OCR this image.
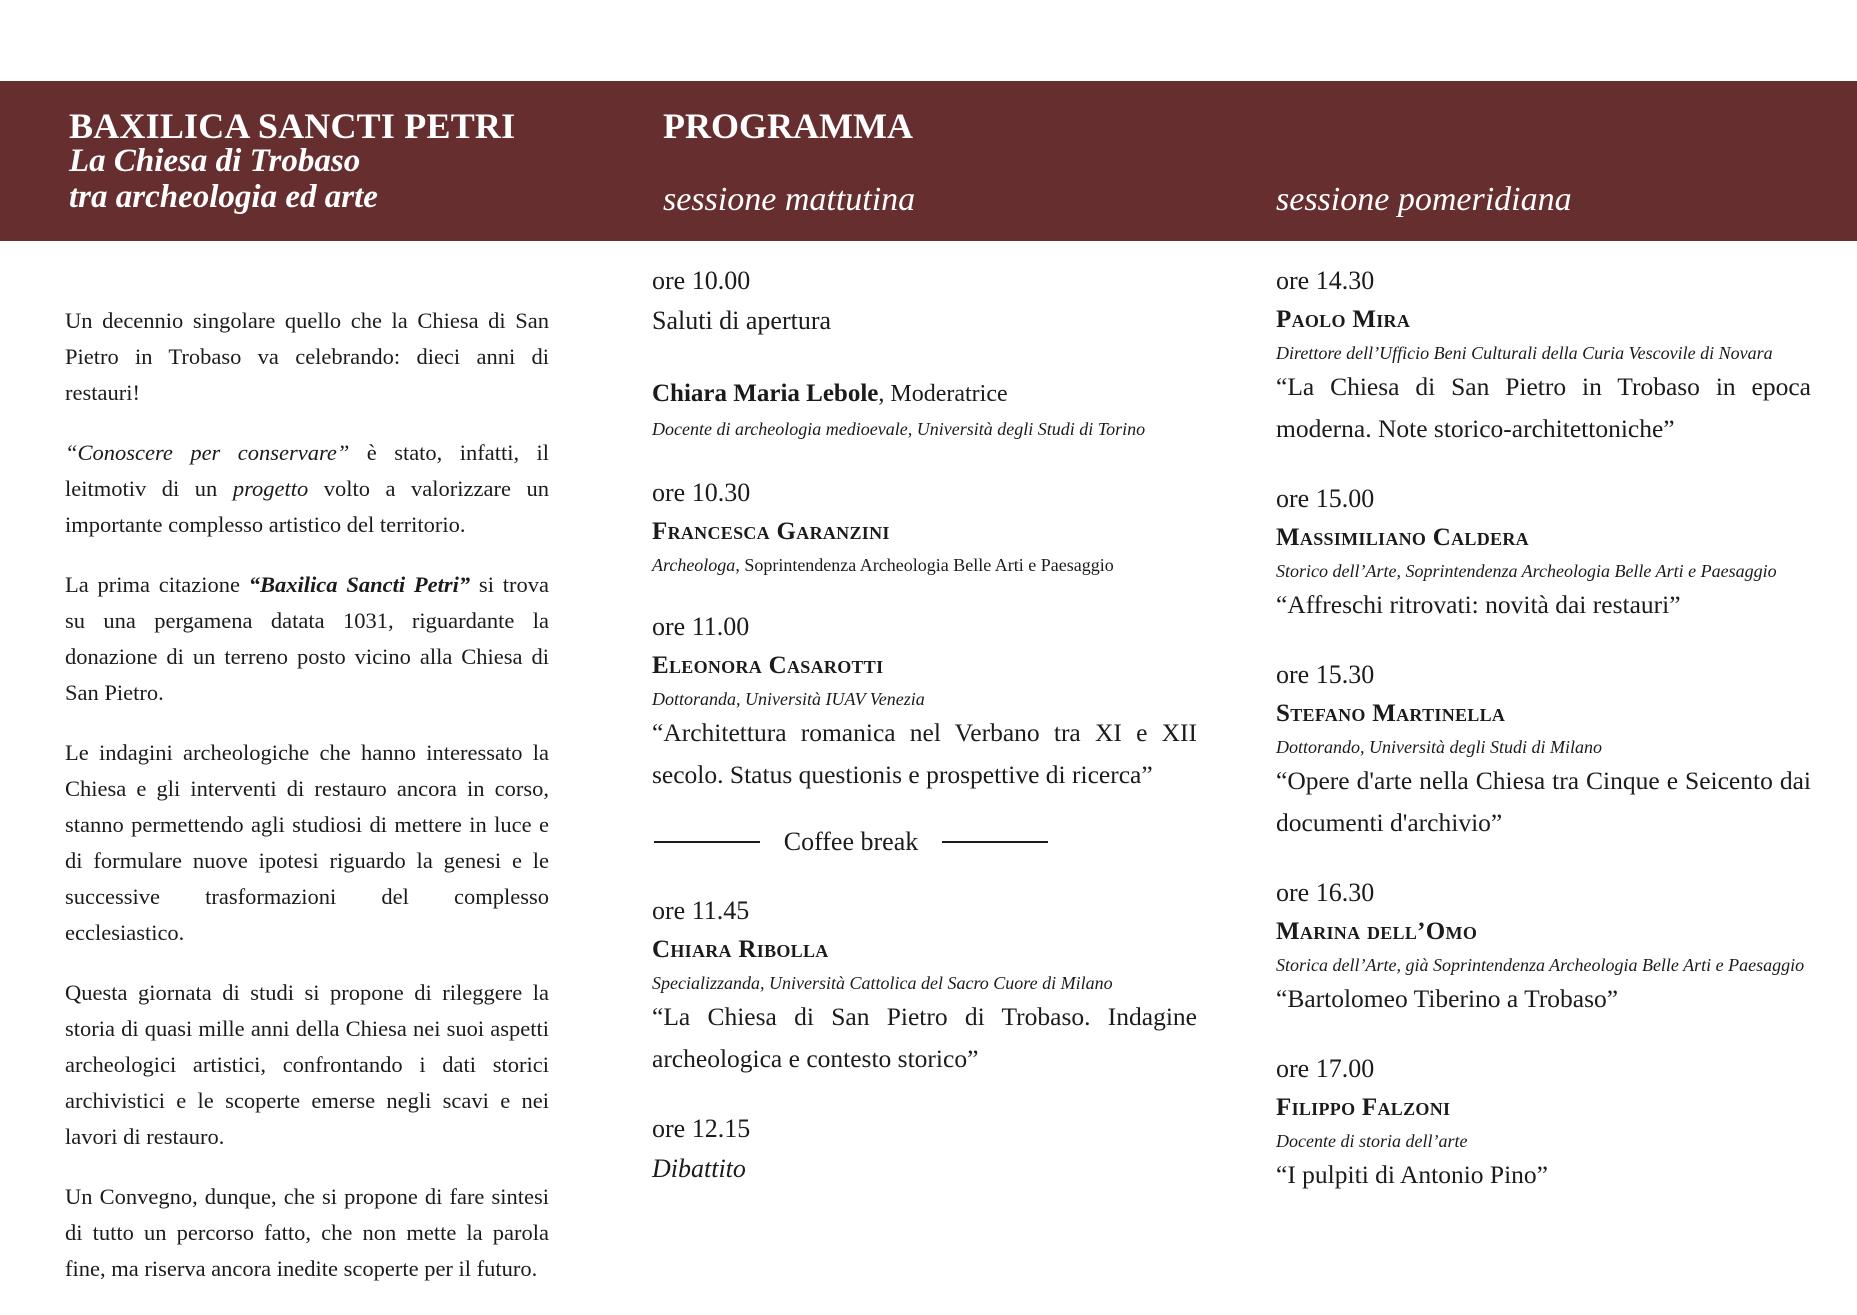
BAXILICA SANCTI PETRI
La Chiesa di Trobaso
tra archeologia ed arte
PROGRAMMA
sessione mattutina	sessione pomeridiana

Un decennio singolare quello che la Chiesa di San Pietro in Trobaso va celebrando: dieci anni di restauri!

“Conoscere per conservare” è stato, infatti, il leitmotiv di un progetto volto a valorizzare un importante complesso artistico del territorio.

La prima citazione “Baxilica Sancti Petri” si trova su una pergamena datata 1031, riguardante la donazione di un terreno posto vicino alla Chiesa di San Pietro.

Le indagini archeologiche che hanno interessato la Chiesa e gli interventi di restauro ancora in corso, stanno permettendo agli studiosi di mettere in luce e di formulare nuove ipotesi riguardo la genesi e le successive trasformazioni del complesso ecclesiastico.

Questa giornata di studi si propone di rileggere la storia di quasi mille anni della Chiesa nei suoi aspetti archeologici artistici, confrontando i dati storici archivistici e le scoperte emerse negli scavi e nei lavori di restauro.

Un Convegno, dunque, che si propone di fare sintesi di tutto un percorso fatto, che non mette la parola fine, ma riserva ancora inedite scoperte per il futuro.

ore 10.00
Saluti di apertura
Chiara Maria Lebole, Moderatrice
Docente di archeologia medioevale, Università degli Studi di Torino
ore 10.30
Francesca Garanzini
Archeologa, Soprintendenza Archeologia Belle Arti e Paesaggio
ore 11.00
Eleonora Casarotti
Dottoranda, Università IUAV Venezia
“Architettura romanica nel Verbano tra XI e XII secolo. Status questionis e prospettive di ricerca”
Coffee break
ore 11.45
Chiara Ribolla
Specializzanda, Università Cattolica del Sacro Cuore di Milano
“La Chiesa di San Pietro di Trobaso. Indagine archeologica e contesto storico”
ore 12.15
Dibattito
ore 14.30
Paolo Mira
Direttore dell’Ufficio Beni Culturali della Curia Vescovile di Novara
“La Chiesa di San Pietro in Trobaso in epoca moderna. Note storico-architettoniche”
ore 15.00
Massimiliano Caldera
Storico dell’Arte, Soprintendenza Archeologia Belle Arti e Paesaggio
“Affreschi ritrovati: novità dai restauri”
ore 15.30
Stefano Martinella
Dottorando, Università degli Studi di Milano
“Opere d'arte nella Chiesa tra Cinque e Seicento dai documenti d'archivio”
ore 16.30
Marina dell’Omo
Storica dell’Arte, già Soprintendenza Archeologia Belle Arti e Paesaggio
“Bartolomeo Tiberino a Trobaso”
ore 17.00
Filippo Falzoni
Docente di storia dell’arte
“I pulpiti di Antonio Pino”
